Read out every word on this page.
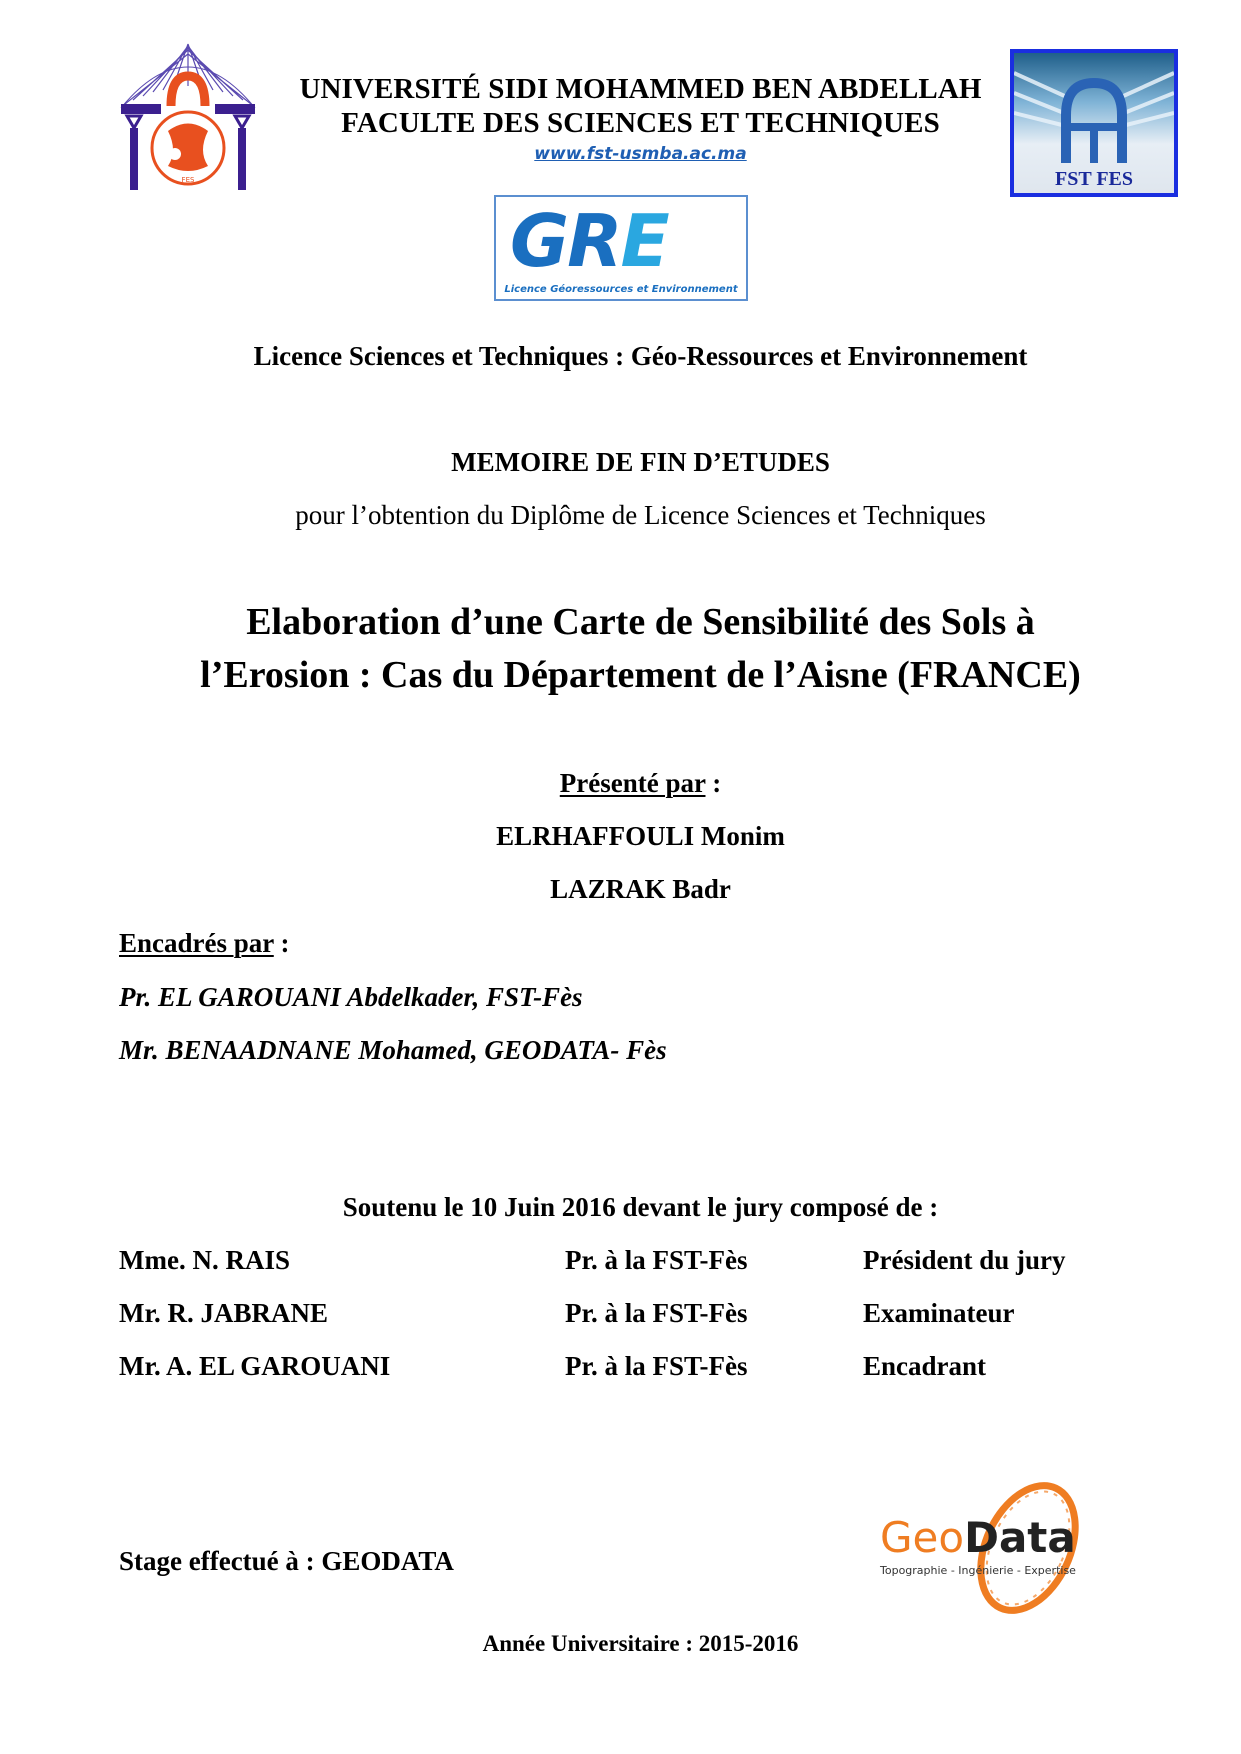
FES
UNIVERSITÉ SIDI MOHAMMED BEN ABDELLAH
FACULTE DES SCIENCES ET TECHNIQUES
www.fst-usmba.ac.ma
FST FES
GRE
Licence Géoressources et Environnement
Licence Sciences et Techniques : Géo-Ressources et Environnement
MEMOIRE DE FIN D’ETUDES
pour l’obtention du Diplôme de Licence Sciences et Techniques
Elaboration d’une Carte de Sensibilité des Sols à
l’Erosion : Cas du Département de l’Aisne (FRANCE)
Présenté par :
ELRHAFFOULI Monim
LAZRAK Badr
Encadrés par :
Pr. EL GAROUANI Abdelkader, FST-Fès
Mr. BENAADNANE Mohamed, GEODATA- Fès
Soutenu le 10 Juin 2016 devant le jury composé de :
Mme. N. RAIS	Pr. à la FST-Fès	Président du jury
Mr. R. JABRANE	Pr. à la FST-Fès	Examinateur
Mr. A. EL GAROUANI	Pr. à la FST-Fès	Encadrant
Stage effectué à : GEODATA	GeoData
Topographie - Ingénierie - Expertise
Année Universitaire : 2015-2016
